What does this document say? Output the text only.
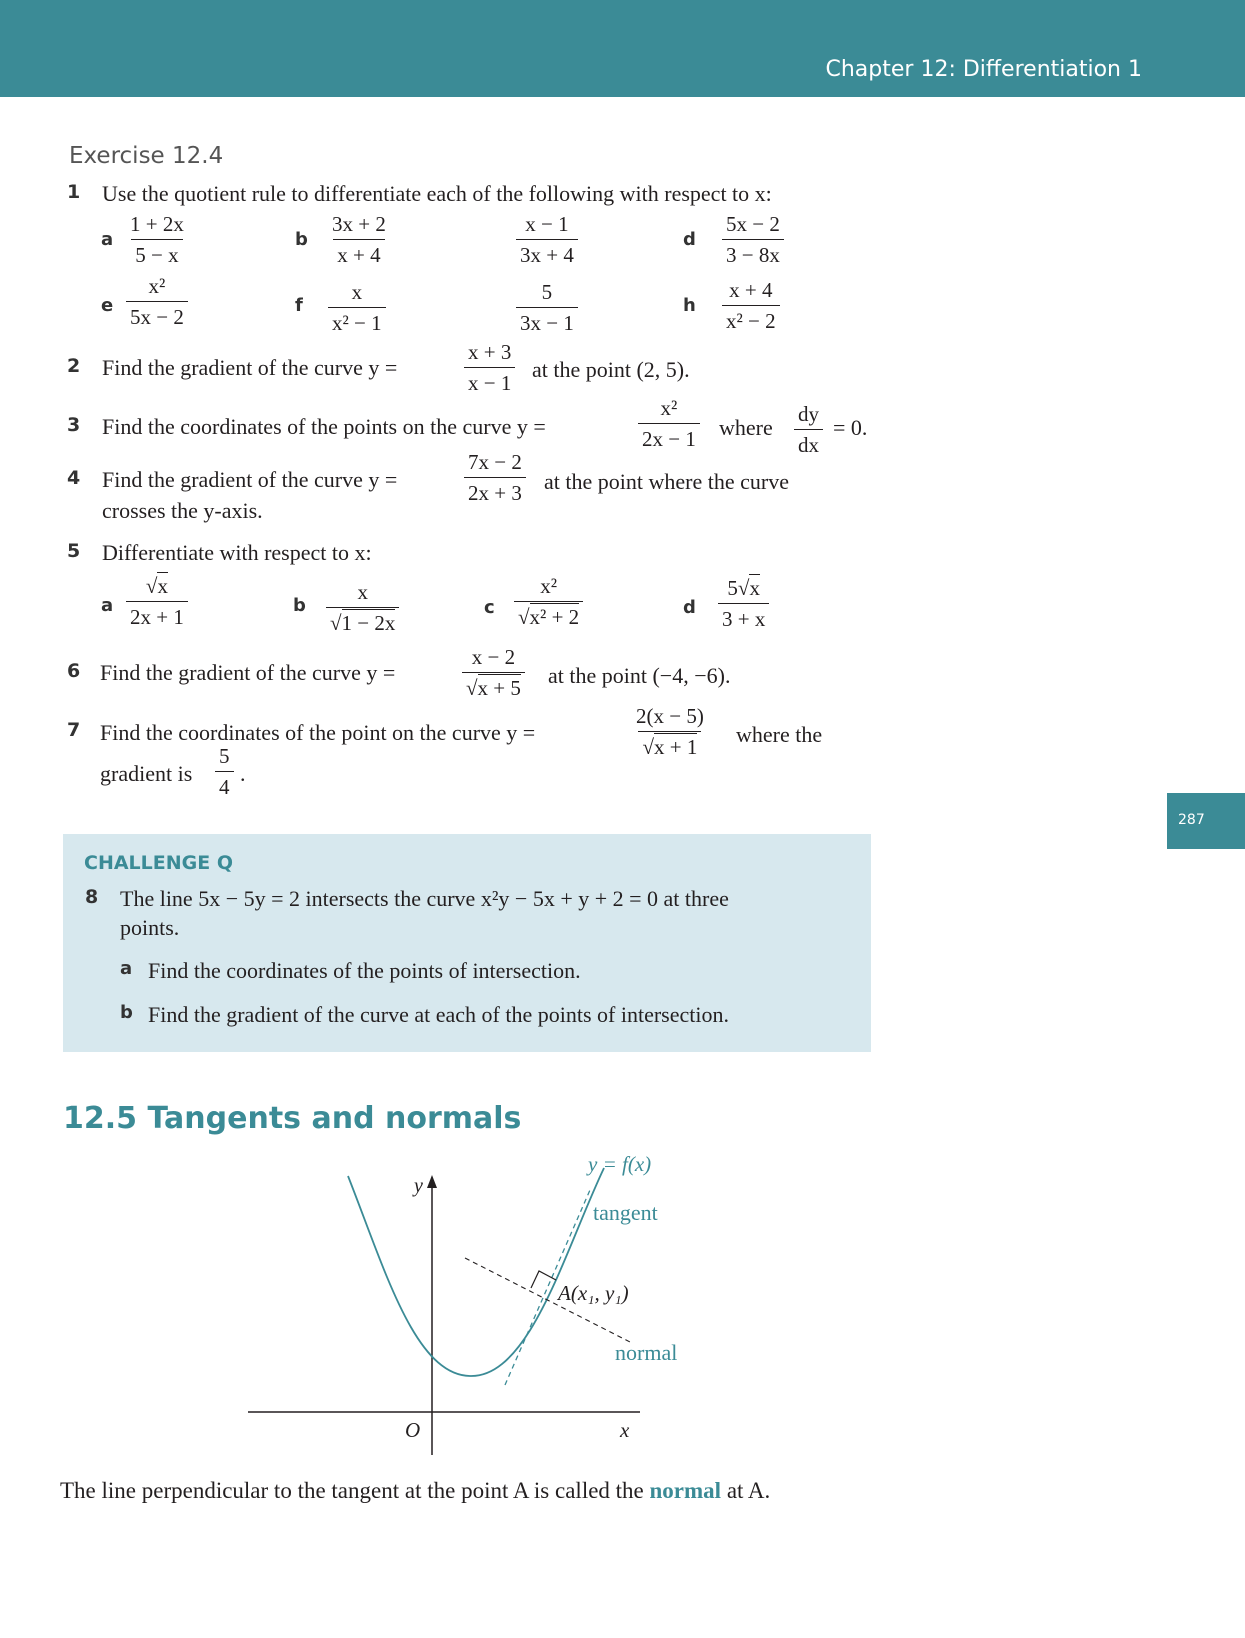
Chapter 12: Differentiation 1
287
Exercise 12.4
1 Use the quotient rule to differentiate each of the following with respect to x:
a $\frac{1 + 2x}{5 - x}$	b $\frac{3x + 2}{x + 4}$	$\frac{x - 1}{3x + 4}$	d $\frac{5x - 2}{3 - 8x}$
e $\frac{\text{x²}}{5x - 2}$	f $\frac{x}{\text{x² − 1}}$	$\frac{5}{3x - 1}$	h $\frac{x + 4}{\text{x² − 2}}$
2 Find the gradient of the curve y =	$\frac{x + 3}{x - 1}$ at the point (2, 5).
3 Find the coordinates of the points on the curve y =	$\frac{\text{x²}}{2x - 1}$ where $\frac{dy}{dx} = 0$.
4 Find the gradient of the curve y =	$\frac{7x - 2}{2x + 3}$ at the point where the curve
crosses the y-axis.
5 Differentiate with respect to x:
a $\frac{√x}{2x + 1}$	b $\frac{x}{√1 - 2x}$	c $\frac{\text{x²}}{\text{√x² + 2}}$	d $\frac{5√x}{3 + x}$
6 Find the gradient of the curve y =	$\frac{x - 2}{√x + 5}$ at the point (−4, −6).
7 Find the coordinates of the point on the curve y =	$\frac{2(x - 5)}{√x + 1}$ where the
gradient is $\frac{5}{4}$ .
CHALLENGE Q
8 The line 5x − 5y = 2 intersects the curve x²y − 5x + y + 2 = 0 at three
points.
a Find the coordinates of the points of intersection.
b Find the gradient of the curve at each of the points of intersection.
12.5 Tangents and normals
y
x
O
y = f(x)
tangent
A(x₁, y₁)
normal
The line perpendicular to the tangent at the point A is called the normal at A.
